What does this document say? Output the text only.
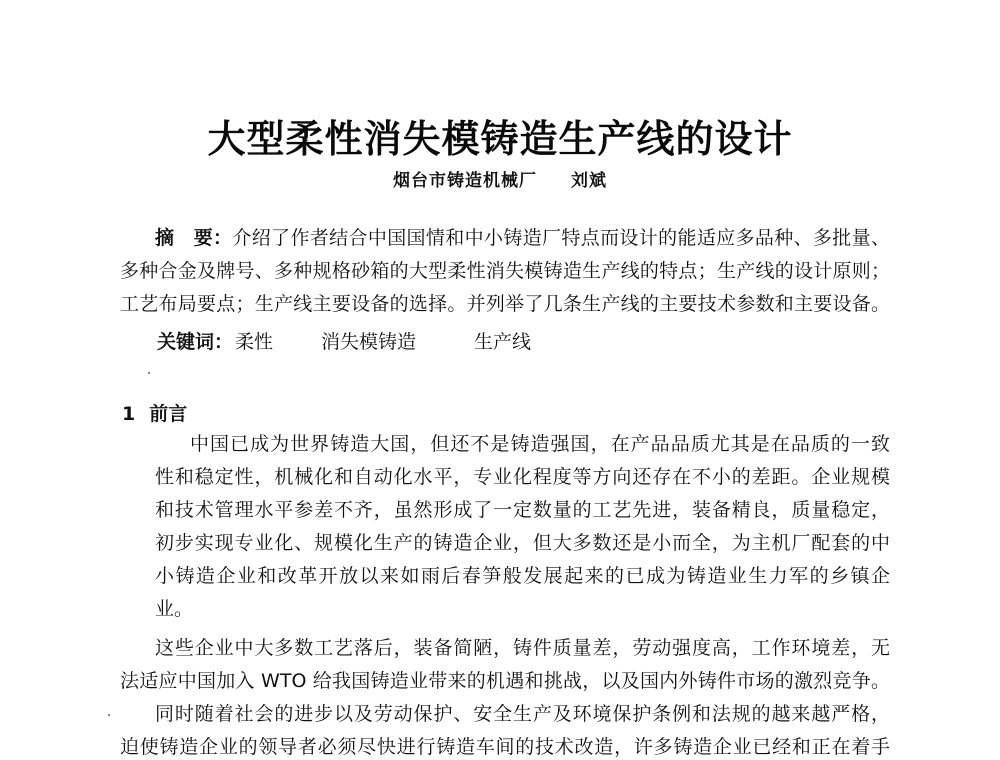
大型柔性消失模铸造生产线的设计
烟台市铸造机械厂 刘斌
摘　要：介绍了作者结合中国国情和中小铸造厂特点而设计的能适应多品种、多批量、
多种合金及牌号、多种规格砂箱的大型柔性消失模铸造生产线的特点；生产线的设计原则；
工艺布局要点；生产线主要设备的选择。并列举了几条生产线的主要技术参数和主要设备。
关键词： 柔性	消失模铸造	生产线
1 前言
中国已成为世界铸造大国，但还不是铸造强国，在产品品质尤其是在品质的一致
性和稳定性，机械化和自动化水平，专业化程度等方向还存在不小的差距。企业规模
和技术管理水平参差不齐，虽然形成了一定数量的工艺先进，装备精良，质量稳定，
初步实现专业化、规模化生产的铸造企业，但大多数还是小而全，为主机厂配套的中
小铸造企业和改革开放以来如雨后春笋般发展起来的已成为铸造业生力军的乡镇企
业。
这些企业中大多数工艺落后，装备简陋，铸件质量差，劳动强度高，工作环境差，无
法适应中国加入 WTO 给我国铸造业带来的机遇和挑战，以及国内外铸件市场的激烈竞争。
同时随着社会的进步以及劳动保护、安全生产及环境保护条例和法规的越来越严格，
迫使铸造企业的领导者必须尽快进行铸造车间的技术改造，许多铸造企业已经和正在着手
